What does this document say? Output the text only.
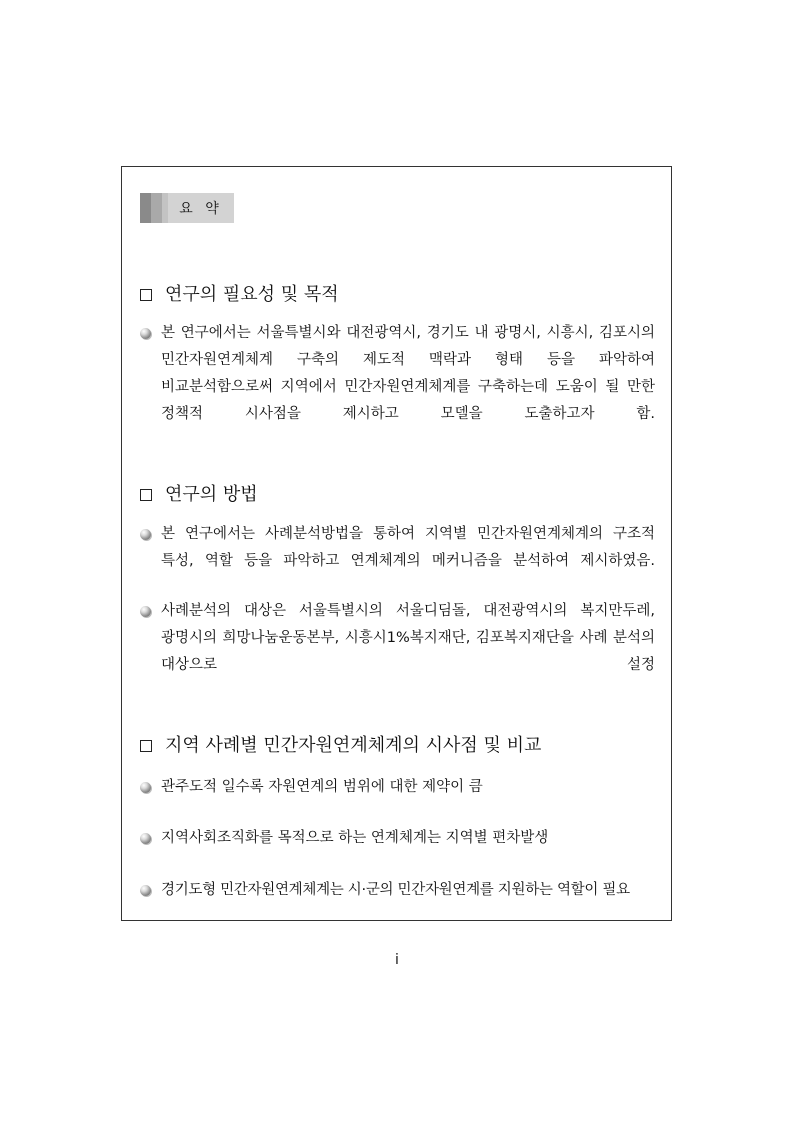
요 약
연구의 필요성 및 목적
본 연구에서는 서울특별시와 대전광역시, 경기도 내 광명시, 시흥시, 김포시의 민간자원연계체계 구축의 제도적 맥락과 형태 등을 파악하여 비교분석함으로써 지역에서 민간자원연계체계를 구축하는데 도움이 될 만한 정책적 시사점을 제시하고 모델을 도출하고자 함.
연구의 방법
본 연구에서는 사례분석방법을 통하여 지역별 민간자원연계체계의 구조적 특성, 역할 등을 파악하고 연계체계의 메커니즘을 분석하여 제시하였음.
사례분석의 대상은 서울특별시의 서울디딤돌, 대전광역시의 복지만두레, 광명시의 희망나눔운동본부, 시흥시1%복지재단, 김포복지재단을 사례 분석의 대상으로 설정
지역 사례별 민간자원연계체계의 시사점 및 비교
관주도적 일수록 자원연계의 범위에 대한 제약이 큼
지역사회조직화를 목적으로 하는 연계체계는 지역별 편차발생
경기도형 민간자원연계체계는 시·군의 민간자원연계를 지원하는 역할이 필요
i
